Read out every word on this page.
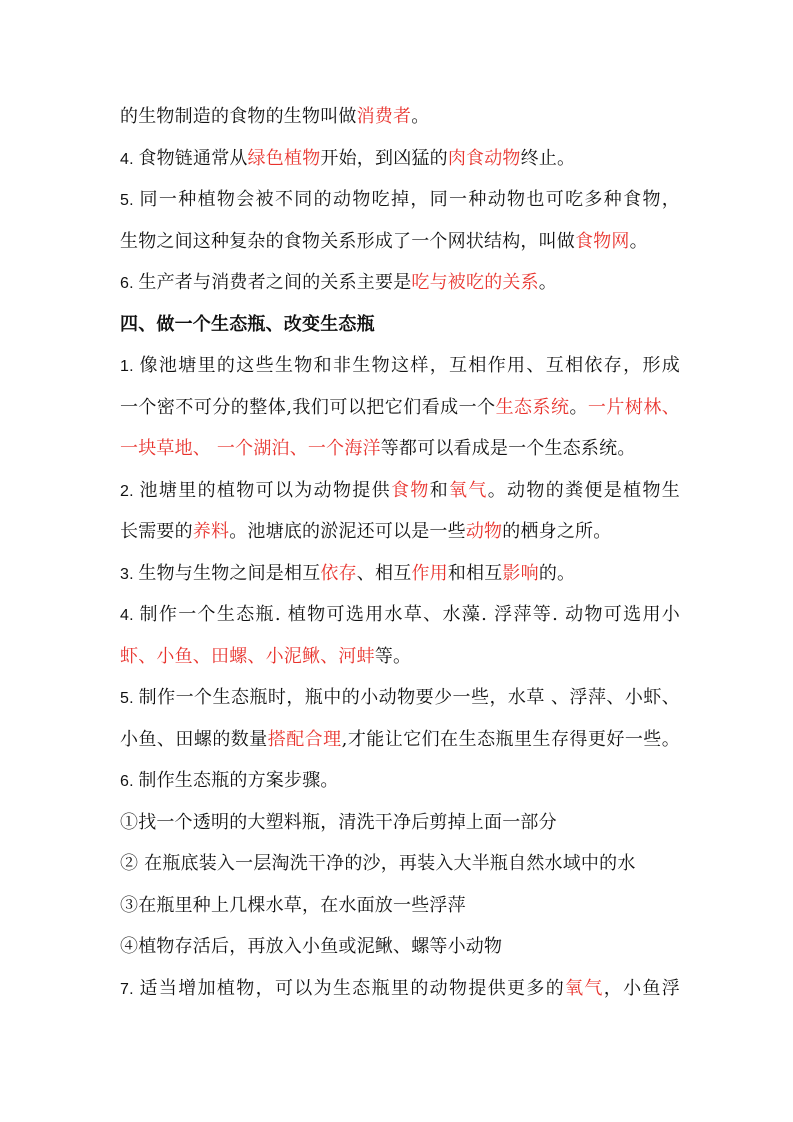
的生物制造的食物的生物叫做消费者。
4. 食物链通常从绿色植物开始，到凶猛的肉食动物终止。
5. 同一种植物会被不同的动物吃掉，同一种动物也可吃多种食物，
生物之间这种复杂的食物关系形成了一个网状结构，叫做食物网。
6. 生产者与消费者之间的关系主要是吃与被吃的关系。
四、做一个生态瓶、改变生态瓶
1. 像池塘里的这些生物和非生物这样，互相作用、互相依存，形成
一个密不可分的整体,我们可以把它们看成一个生态系统。一片树林、
一块草地、 一个湖泊、一个海洋等都可以看成是一个生态系统。
2. 池塘里的植物可以为动物提供食物和氧气。动物的粪便是植物生
长需要的养料。池塘底的淤泥还可以是一些动物的栖身之所。
3. 生物与生物之间是相互依存、相互作用和相互影响的。
4. 制作一个生态瓶. 植物可选用水草、水藻. 浮萍等. 动物可选用小
虾、小鱼、田螺、小泥鳅、河蚌等。
5. 制作一个生态瓶时，瓶中的小动物要少一些，水草 、浮萍、小虾、
小鱼、田螺的数量搭配合理,才能让它们在生态瓶里生存得更好一些。
6. 制作生态瓶的方案步骤。
①找一个透明的大塑料瓶，清洗干净后剪掉上面一部分
② 在瓶底装入一层淘洗干净的沙，再装入大半瓶自然水域中的水
③在瓶里种上几棵水草，在水面放一些浮萍
④植物存活后，再放入小鱼或泥鳅、螺等小动物
7. 适当增加植物，可以为生态瓶里的动物提供更多的氧气，小鱼浮
